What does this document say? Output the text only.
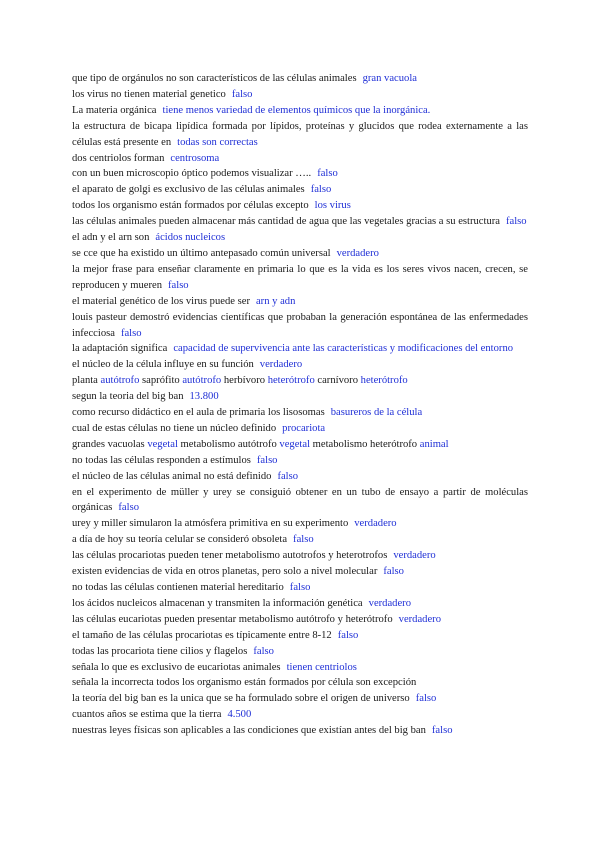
que tipo de orgánulos no son característicos de las células animales gran vacuola

los virus no tienen material genetico falso

La materia orgánica tiene menos variedad de elementos químicos que la inorgánica.

la estructura de bicapa lipídica formada por lípidos, proteínas y glucidos que rodea externamente a las células está presente en todas son correctas

dos centriolos forman centrosoma

con un buen microscopio óptico podemos visualizar ….. falso

el aparato de golgi es exclusivo de las células animales falso

todos los organismo están formados por células excepto los virus

las células animales pueden almacenar más cantidad de agua que las vegetales gracias a su estructura falso

el adn y el arn son ácidos nucleicos

se cce que ha existido un último antepasado común universal verdadero

la mejor frase para enseñar claramente en primaria lo que es la vida es los seres vivos nacen, crecen, se reproducen y mueren falso

el material genético de los virus puede ser arn y adn

louis pasteur demostró evidencias científicas que probaban la generación espontánea de las enfermedades infecciosa falso

la adaptación significa capacidad de supervivencia ante las características y modificaciones del entorno

el núcleo de la célula influye en su función verdadero

planta autótrofo saprófito autótrofo herbívoro heterótrofo carnívoro heterótrofo

segun la teoria del big ban 13.800

como recurso didáctico en el aula de primaria los lisosomas basureros de la célula

cual de estas células no tiene un núcleo definido procariota

grandes vacuolas vegetal metabolismo autótrofo vegetal metabolismo heterótrofo animal

no todas las células responden a estímulos falso

el núcleo de las células animal no está definido falso

en el experimento de müller y urey se consiguió obtener en un tubo de ensayo a partir de moléculas orgánicas falso

urey y miller simularon la atmósfera primitiva en su experimento verdadero

a día de hoy su teoría celular se consideró obsoleta falso

las células procariotas pueden tener metabolismo autotrofos y heterotrofos verdadero

existen evidencias de vida en otros planetas, pero solo a nivel molecular falso

no todas las células contienen material hereditario falso

los ácidos nucleicos almacenan y transmiten la información genética verdadero

las células eucariotas pueden presentar metabolismo autótrofo y heterótrofo verdadero

el tamaño de las células procariotas es típicamente entre 8-12 falso

todas las procariota tiene cilios y flagelos falso

señala lo que es exclusivo de eucariotas animales tienen centriolos

señala la incorrecta todos los organismo están formados por célula son excepción

la teoría del big ban es la unica que se ha formulado sobre el origen de universo falso

cuantos años se estima que la tierra 4.500

nuestras leyes físicas son aplicables a las condiciones que existían antes del big ban falso
